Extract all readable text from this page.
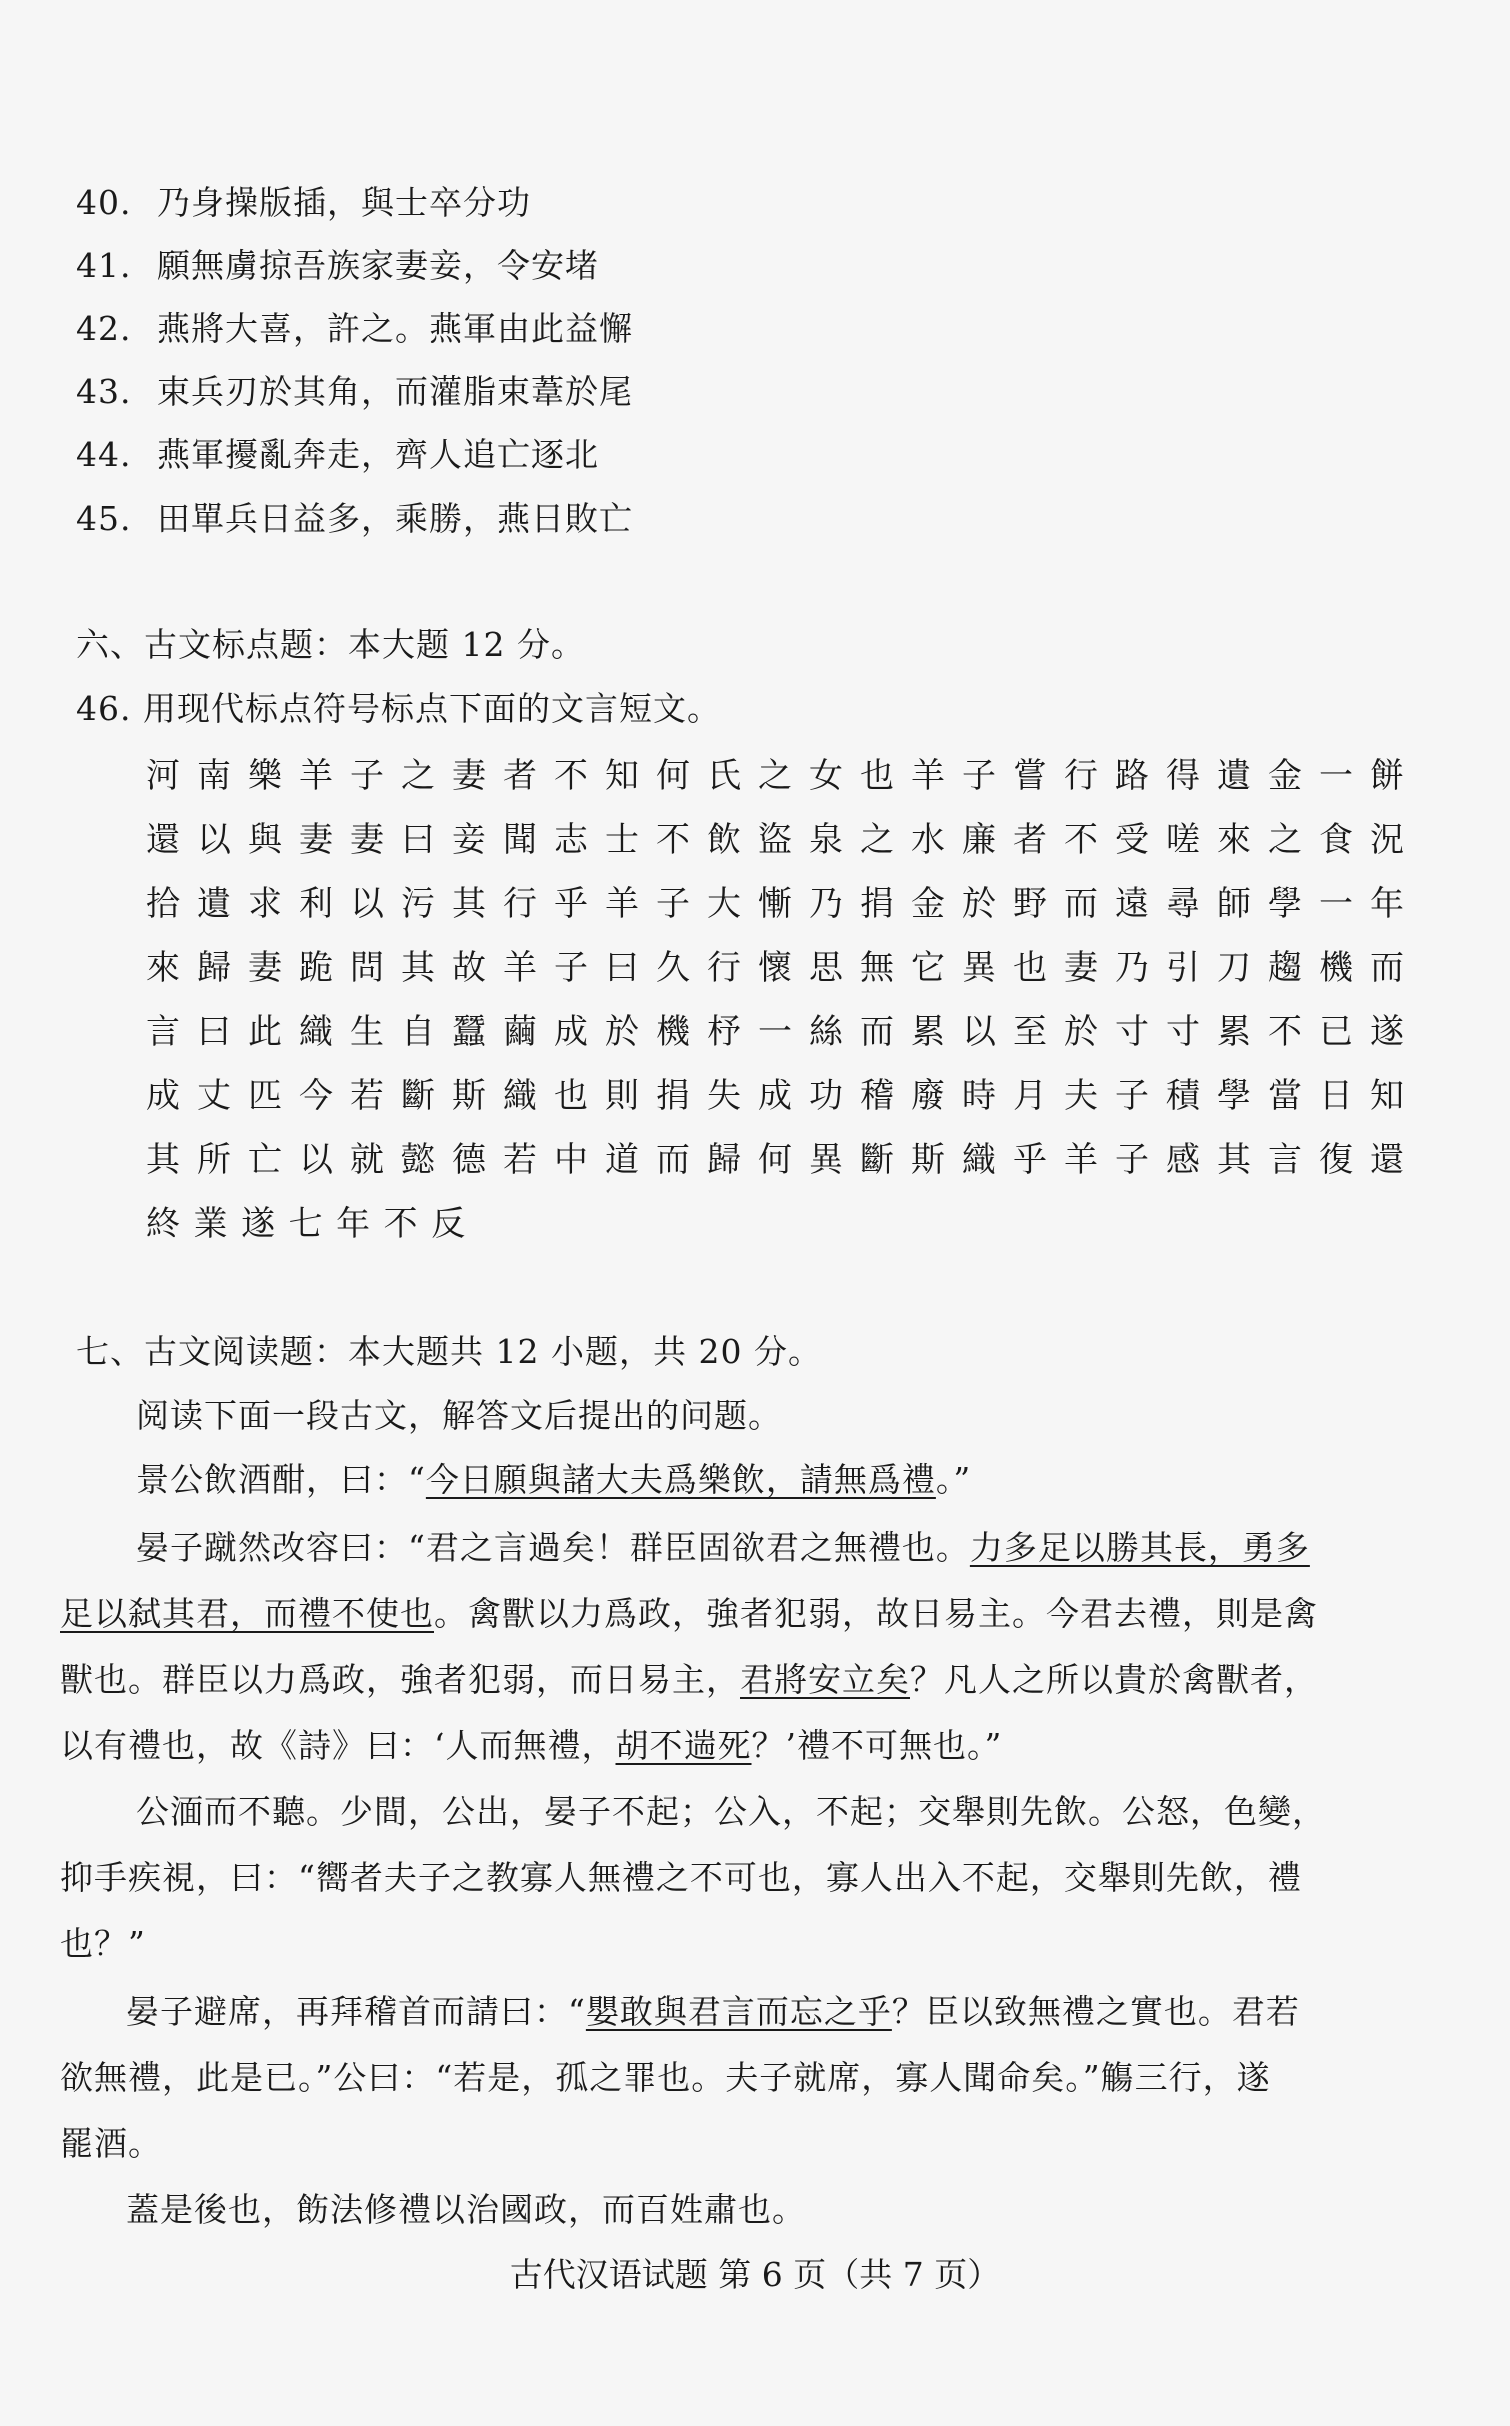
40. 乃身操版插，與士卒分功
41. 願無虜掠吾族家妻妾，令安堵
42. 燕將大喜，許之。燕軍由此益懈
43. 束兵刃於其角，而灌脂束葦於尾
44. 燕軍擾亂奔走，齊人追亡逐北
45. 田單兵日益多，乘勝，燕日敗亡
六、古文标点题：本大题 12 分。
46. 用现代标点符号标点下面的文言短文。
河 南 樂 羊 子 之 妻 者 不 知 何 氏 之 女 也 羊 子 嘗 行 路 得 遺 金 一 餅
還 以 與 妻 妻 曰 妾 聞 志 士 不 飲 盜 泉 之 水 廉 者 不 受 嗟 來 之 食 況
拾 遺 求 利 以 污 其 行 乎 羊 子 大 慚 乃 捐 金 於 野 而 遠 尋 師 學 一 年
來 歸 妻 跪 問 其 故 羊 子 曰 久 行 懷 思 無 它 異 也 妻 乃 引 刀 趨 機 而
言 曰 此 織 生 自 蠶 繭 成 於 機 杼 一 絲 而 累 以 至 於 寸 寸 累 不 已 遂
成 丈 匹 今 若 斷 斯 織 也 則 捐 失 成 功 稽 廢 時 月 夫 子 積 學 當 日 知
其 所 亡 以 就 懿 德 若 中 道 而 歸 何 異 斷 斯 織 乎 羊 子 感 其 言 復 還
終 業 遂 七 年 不 反
七、古文阅读题：本大题共 12 小题，共 20 分。
阅读下面一段古文，解答文后提出的问题。
景公飲酒酣，曰：“今日願與諸大夫爲樂飲，請無爲禮。”
晏子蹴然改容曰：“君之言過矣！群臣固欲君之無禮也。力多足以勝其長，勇多
足以弑其君，而禮不使也。禽獸以力爲政，強者犯弱，故日易主。今君去禮，則是禽
獸也。群臣以力爲政，強者犯弱，而日易主，君將安立矣？凡人之所以貴於禽獸者，
以有禮也，故《詩》曰：‘人而無禮，胡不遄死？’禮不可無也。”
公湎而不聽。少間，公出，晏子不起；公入，不起；交舉則先飲。公怒，色變，
抑手疾視，曰：“嚮者夫子之教寡人無禮之不可也，寡人出入不起，交舉則先飲，禮
也？”
晏子避席，再拜稽首而請曰：“嬰敢與君言而忘之乎？臣以致無禮之實也。君若
欲無禮，此是已。”公曰：“若是，孤之罪也。夫子就席，寡人聞命矣。”觴三行，遂
罷酒。
蓋是後也，飭法修禮以治國政，而百姓肅也。
古代汉语试题 第 6 页（共 7 页）
